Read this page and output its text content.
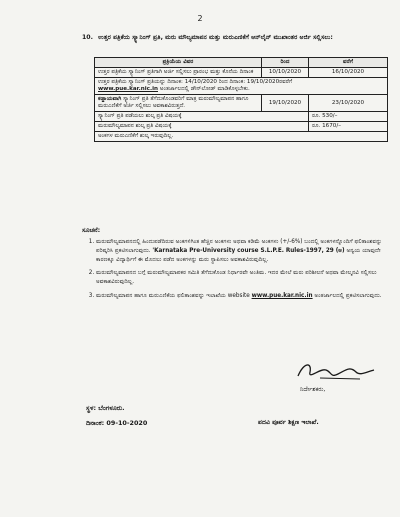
2
10. ಉತ್ತರ ಪತ್ರಿಕೆಯ ಸ್ಕ್ಯಾನಿಂಗ್ ಪ್ರತಿ, ಮರು ಮೌಲ್ಯಮಾಪನ ಮತ್ತು ಮರುಎಣಿಕೆಗೆ ಆನ್‌ಲೈನ್ ಮುಖಾಂತರ ಅರ್ಜಿ ಸಲ್ಲಿಸಲು:
ಪ್ರಕ್ರಿಯೆಯ ವಿವರ	ರಿಂದ	ವರೆಗೆ
ಉತ್ತರ ಪತ್ರಿಕೆಯ ಸ್ಕ್ಯಾನಿಂಗ್ ಪ್ರತಿಗಾಗಿ ಅರ್ಜಿ ಸಲ್ಲಿಸಲು ಪ್ರಾರಂಭ ಮತ್ತು ಕೊನೆಯ ದಿನಾಂಕ	10/10/2020	16/10/2020
ಉತ್ತರ ಪತ್ರಿಕೆಯ ಸ್ಕ್ಯಾನಿಂಗ್ ಪ್ರತಿಯನ್ನು ದಿನಾಂಕ: 14/10/2020 ರಿಂದ ದಿನಾಂಕ: 19/10/2020ರವರೆಗೆ
www.pue.kar.nic.in ಅಂತರ್ಜಾಲದಲ್ಲಿ ಡೌನ್‌ಲೋಡ್ ಮಾಡಿಕೊಳ್ಳಬೇಕು.		
ಕಡ್ಡಾಯವಾಗಿ ಸ್ಕ್ಯಾನಿಂಗ್ ಪ್ರತಿ ತೆಗೆದುಕೊಂಡವರಿಗೆ ಮಾತ್ರ ಮರುಮೌಲ್ಯಮಾಪನ ಹಾಗೂ ಮರುಎಣಿಕೆಗೆ ಅರ್ಜಿ ಸಲ್ಲಿಸಲು ಅವಕಾಶವಿರುತ್ತದೆ.	19/10/2020	23/10/2020
ಸ್ಕ್ಯಾನಿಂಗ್ ಪ್ರತಿ ಪಡೆಯಲು ಶುಲ್ಕ ಪ್ರತಿ ವಿಷಯಕ್ಕೆ		ರೂ. 530/–
ಮರುಮೌಲ್ಯಮಾಪನ ಶುಲ್ಕ ಪ್ರತಿ ವಿಷಯಕ್ಕೆ		ರೂ. 1670/–
ಅಂಕಗಳ ಮರುಎಣಿಕೆಗೆ ಶುಲ್ಕ ಇರುವುದಿಲ್ಲ.		
ಸೂಚನೆ:
1. ಮರುಮೌಲ್ಯಮಾಪನದಲ್ಲಿ ಹಿಂದುಪಡೆದಿರುವ ಅಂಕಗಳಿಗಿಂತ ಹೆಚ್ಚಿನ ಅಂಕಗಳು ಅಥವಾ ಕಡಿಮೆ ಅಂಕಗಳು (+/-6%) ಬಂದಲ್ಲಿ ಅಂಕಗಳನ್ನೊಂದಿಗೆ ಫಲಿತಾಂಶವನ್ನು ಪರಿಷ್ಕರಿಸಿ ಪ್ರಕಟಿಸಲಾಗುವುದು. 'Karnataka Pre-University course S.L.P.E. Rules-1997, 29 (ಅ) ಅನ್ವಯ ಯಾವುದೇ ಕಾರಣಕ್ಕೂ ವಿದ್ಯಾರ್ಥಿಗೆ ಈ ಮೊದಲು ಪಡೆದ ಅಂಕಗಳನ್ನು ಮರು ಸ್ಥಾಪಿಸಲು ಅವಕಾಶವಿರುವುದಿಲ್ಲ.
2. ಮರುಮೌಲ್ಯಮಾಪನದ ಬಗ್ಗೆ ಮರುಮೌಲ್ಯಮಾಪಕರ ಸಮಿತಿ ತೆಗೆದುಕೊಂಡ ನಿರ್ಧಾರವೇ ಅಂತಿಮ. ಇದರ ಮೇಲೆ ಮರು ಪರಿಶೀಲನೆ ಅಥವಾ ಮೇಲ್ಮನವಿ ಸಲ್ಲಿಸಲು ಅವಕಾಶವಿರುವುದಿಲ್ಲ.
3. ಮರುಮೌಲ್ಯಮಾಪನ ಹಾಗೂ ಮರುಎಣಿಕೆಯ ಫಲಿತಾಂಶವನ್ನು ಇಲಾಖೆಯ website www.pue.kar.nic.in ಅಂತರ್ಜಾಲದಲ್ಲಿ ಪ್ರಕಟಿಸಲಾಗುವುದು.
ನಿರ್ದೇಶಕರು,
ಸ್ಥಳ: ಬೆಂಗಳೂರು.
ದಿನಾಂಕ: 09-10-2020	ಪದವಿ ಪೂರ್ವ ಶಿಕ್ಷಣ ಇಲಾಖೆ.
